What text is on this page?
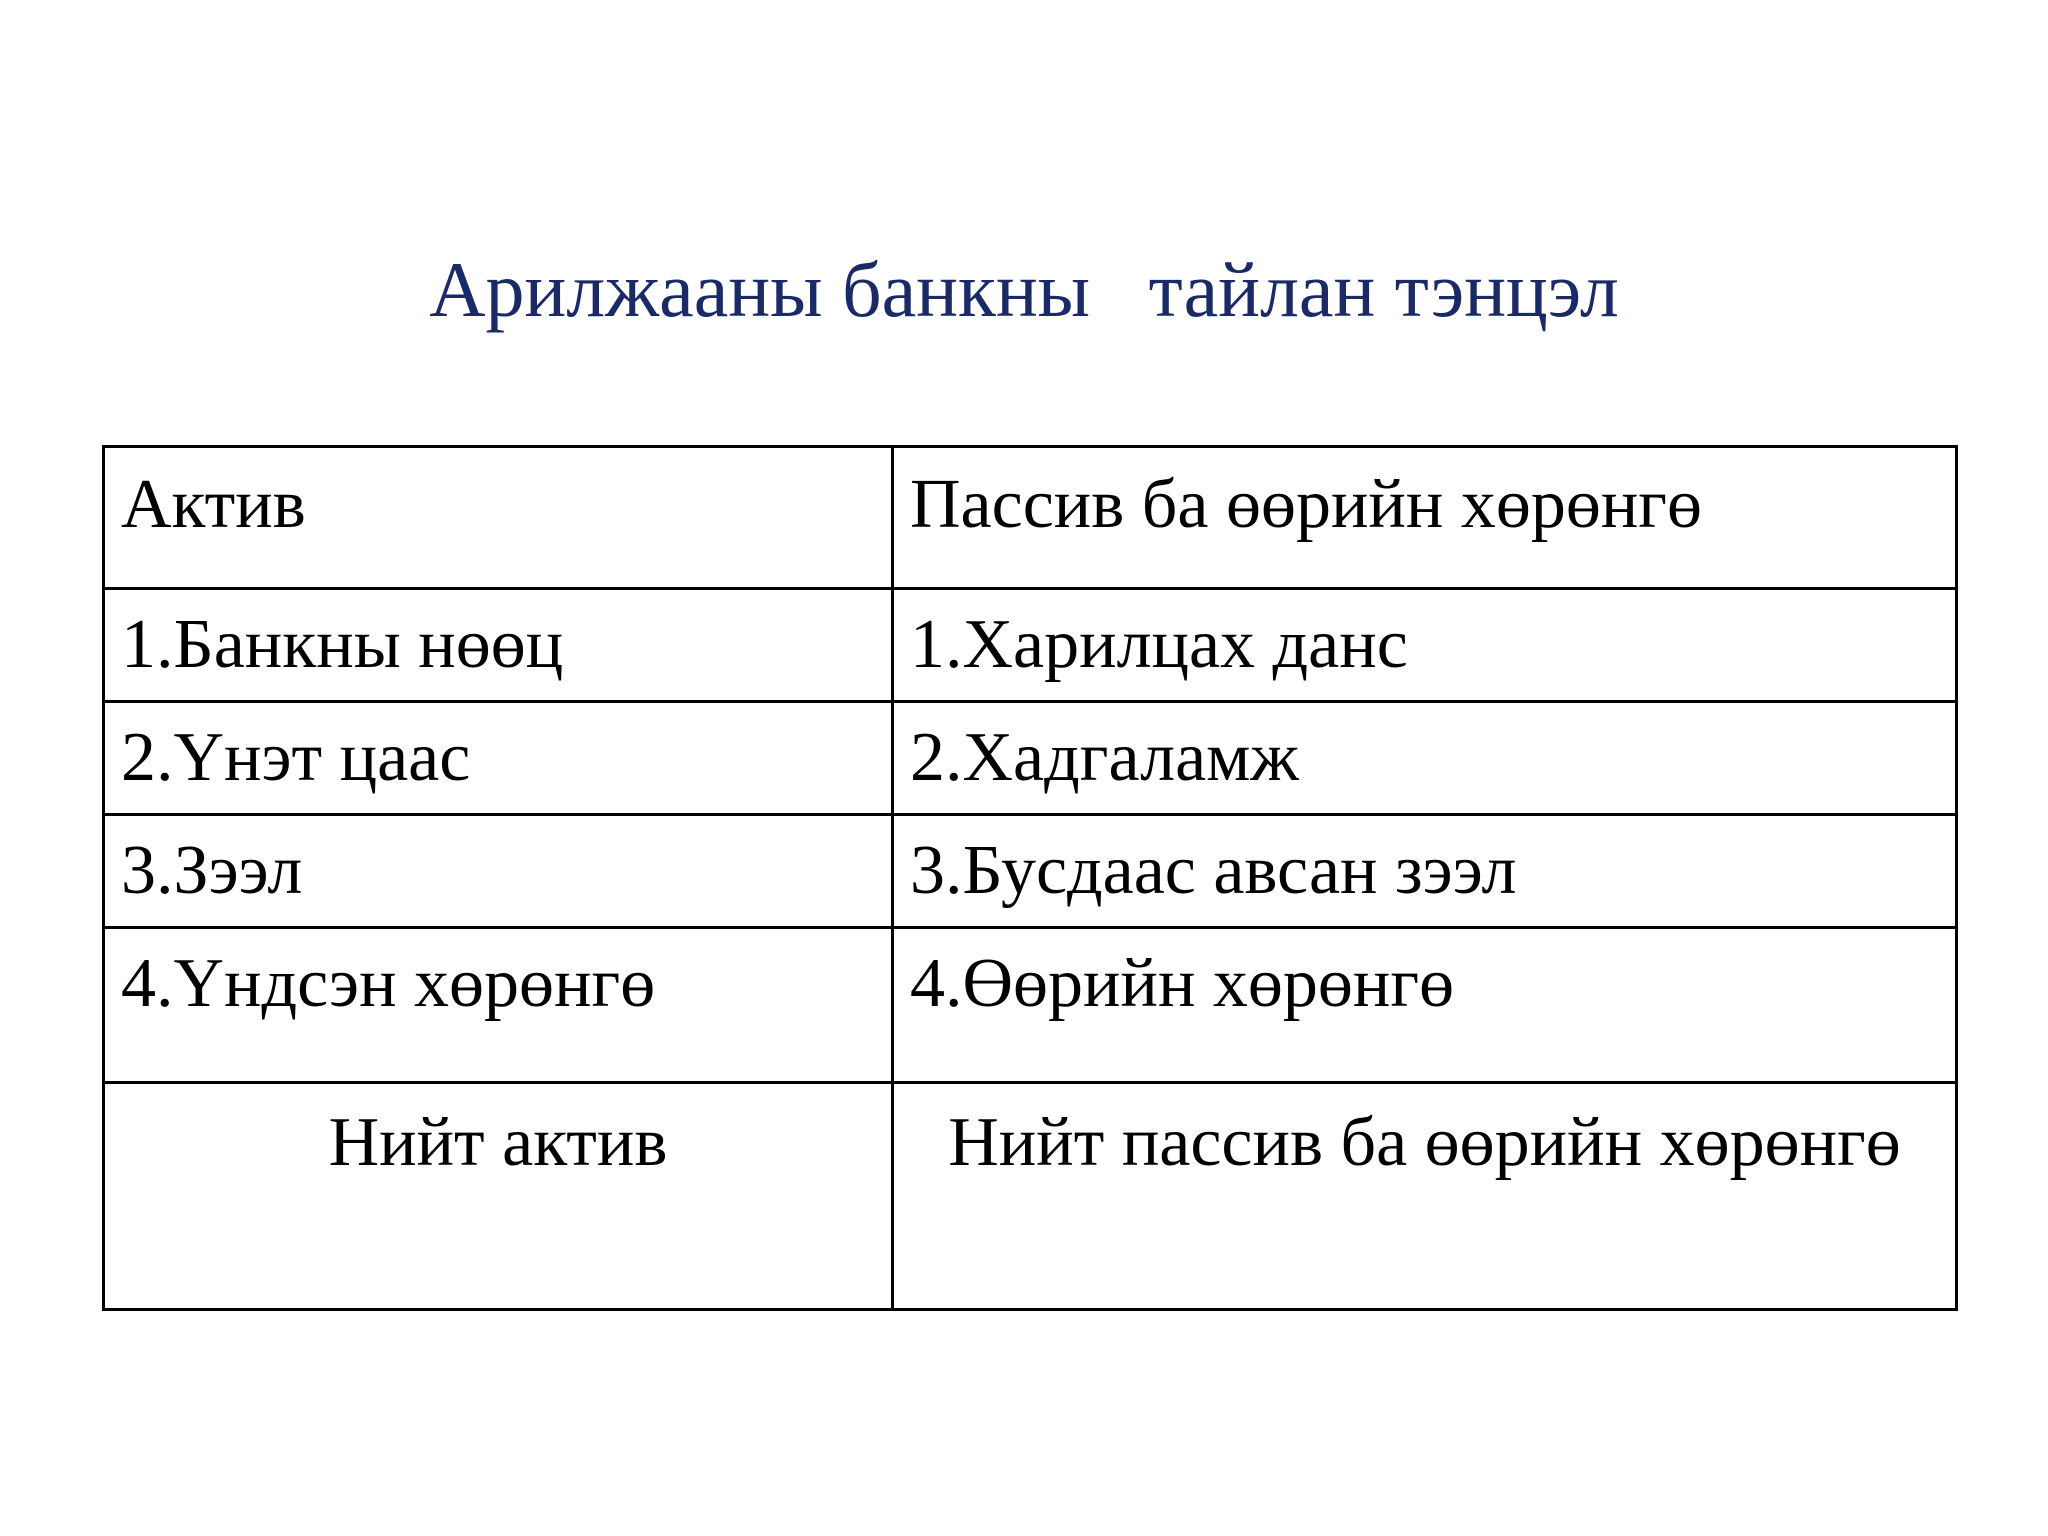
Арилжааны банкны   тайлан тэнцэл
Актив	Пассив ба өөрийн хөрөнгө
1.Банкны нөөц	1.Харилцах данс
2.Үнэт цаас	2.Хадгаламж
3.Зээл	3.Бусдаас авсан зээл
4.Үндсэн хөрөнгө	4.Өөрийн хөрөнгө
Нийт актив	Нийт пассив ба өөрийн хөрөнгө
